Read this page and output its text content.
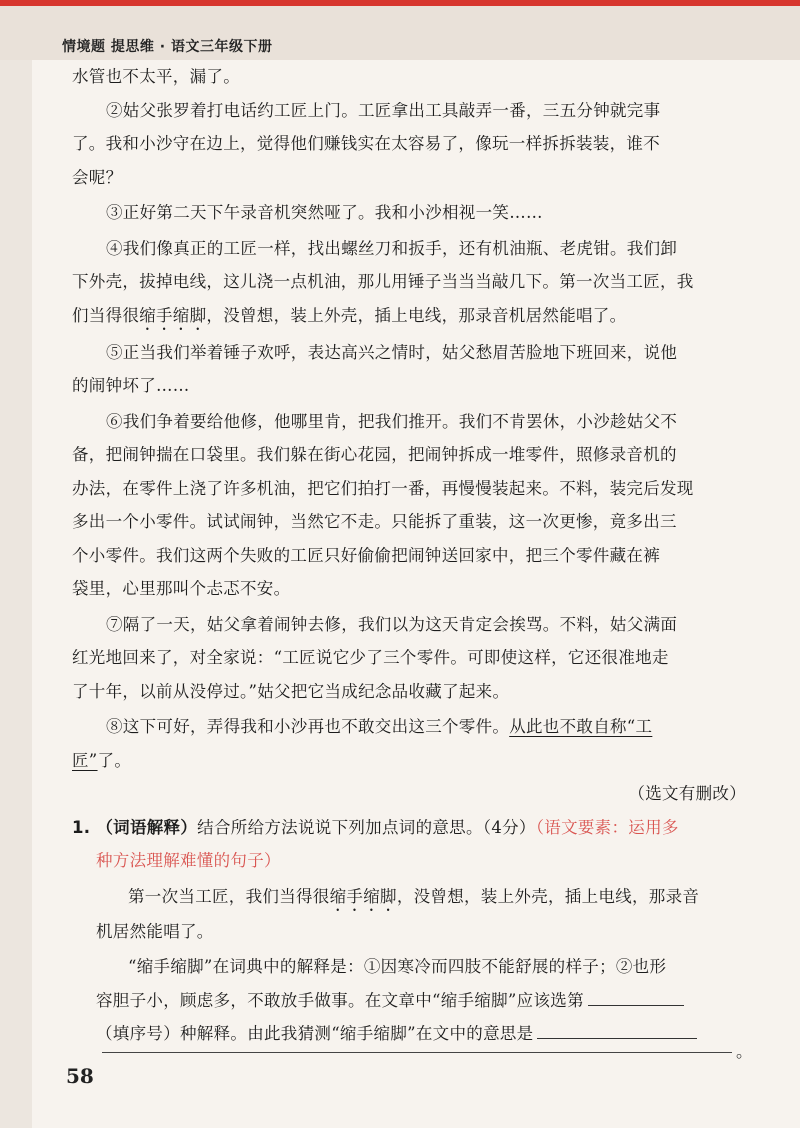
情境题 提思维 · 语文三年级下册
水管也不太平，漏了。
②姑父张罗着打电话约工匠上门。工匠拿出工具敲弄一番，三五分钟就完事
了。我和小沙守在边上，觉得他们赚钱实在太容易了，像玩一样拆拆装装，谁不
会呢？
③正好第二天下午录音机突然哑了。我和小沙相视一笑……
④我们像真正的工匠一样，找出螺丝刀和扳手，还有机油瓶、老虎钳。我们卸
下外壳，拔掉电线，这儿浇一点机油，那儿用锤子当当当敲几下。第一次当工匠，我
们当得很缩手缩脚，没曾想，装上外壳，插上电线，那录音机居然能唱了。
⑤正当我们举着锤子欢呼，表达高兴之情时，姑父愁眉苦脸地下班回来，说他
的闹钟坏了……
⑥我们争着要给他修，他哪里肯，把我们推开。我们不肯罢休，小沙趁姑父不
备，把闹钟揣在口袋里。我们躲在街心花园，把闹钟拆成一堆零件，照修录音机的
办法，在零件上浇了许多机油，把它们拍打一番，再慢慢装起来。不料，装完后发现
多出一个小零件。试试闹钟，当然它不走。只能拆了重装，这一次更惨，竟多出三
个小零件。我们这两个失败的工匠只好偷偷把闹钟送回家中，把三个零件藏在裤
袋里，心里那叫个忐忑不安。
⑦隔了一天，姑父拿着闹钟去修，我们以为这天肯定会挨骂。不料，姑父满面
红光地回来了，对全家说：“工匠说它少了三个零件。可即使这样，它还很准地走
了十年，以前从没停过。”姑父把它当成纪念品收藏了起来。
⑧这下可好，弄得我和小沙再也不敢交出这三个零件。从此也不敢自称“工
匠”了。
（选文有删改）
1. （词语解释）结合所给方法说说下列加点词的意思。（4分）（语文要素：运用多
种方法理解难懂的句子）
第一次当工匠，我们当得很缩手缩脚，没曾想，装上外壳，插上电线，那录音
机居然能唱了。
“缩手缩脚”在词典中的解释是：①因寒冷而四肢不能舒展的样子；②也形
容胆子小，顾虑多，不敢放手做事。在文章中“缩手缩脚”应该选第
（填序号）种解释。由此我猜测“缩手缩脚”在文中的意思是
。
58
